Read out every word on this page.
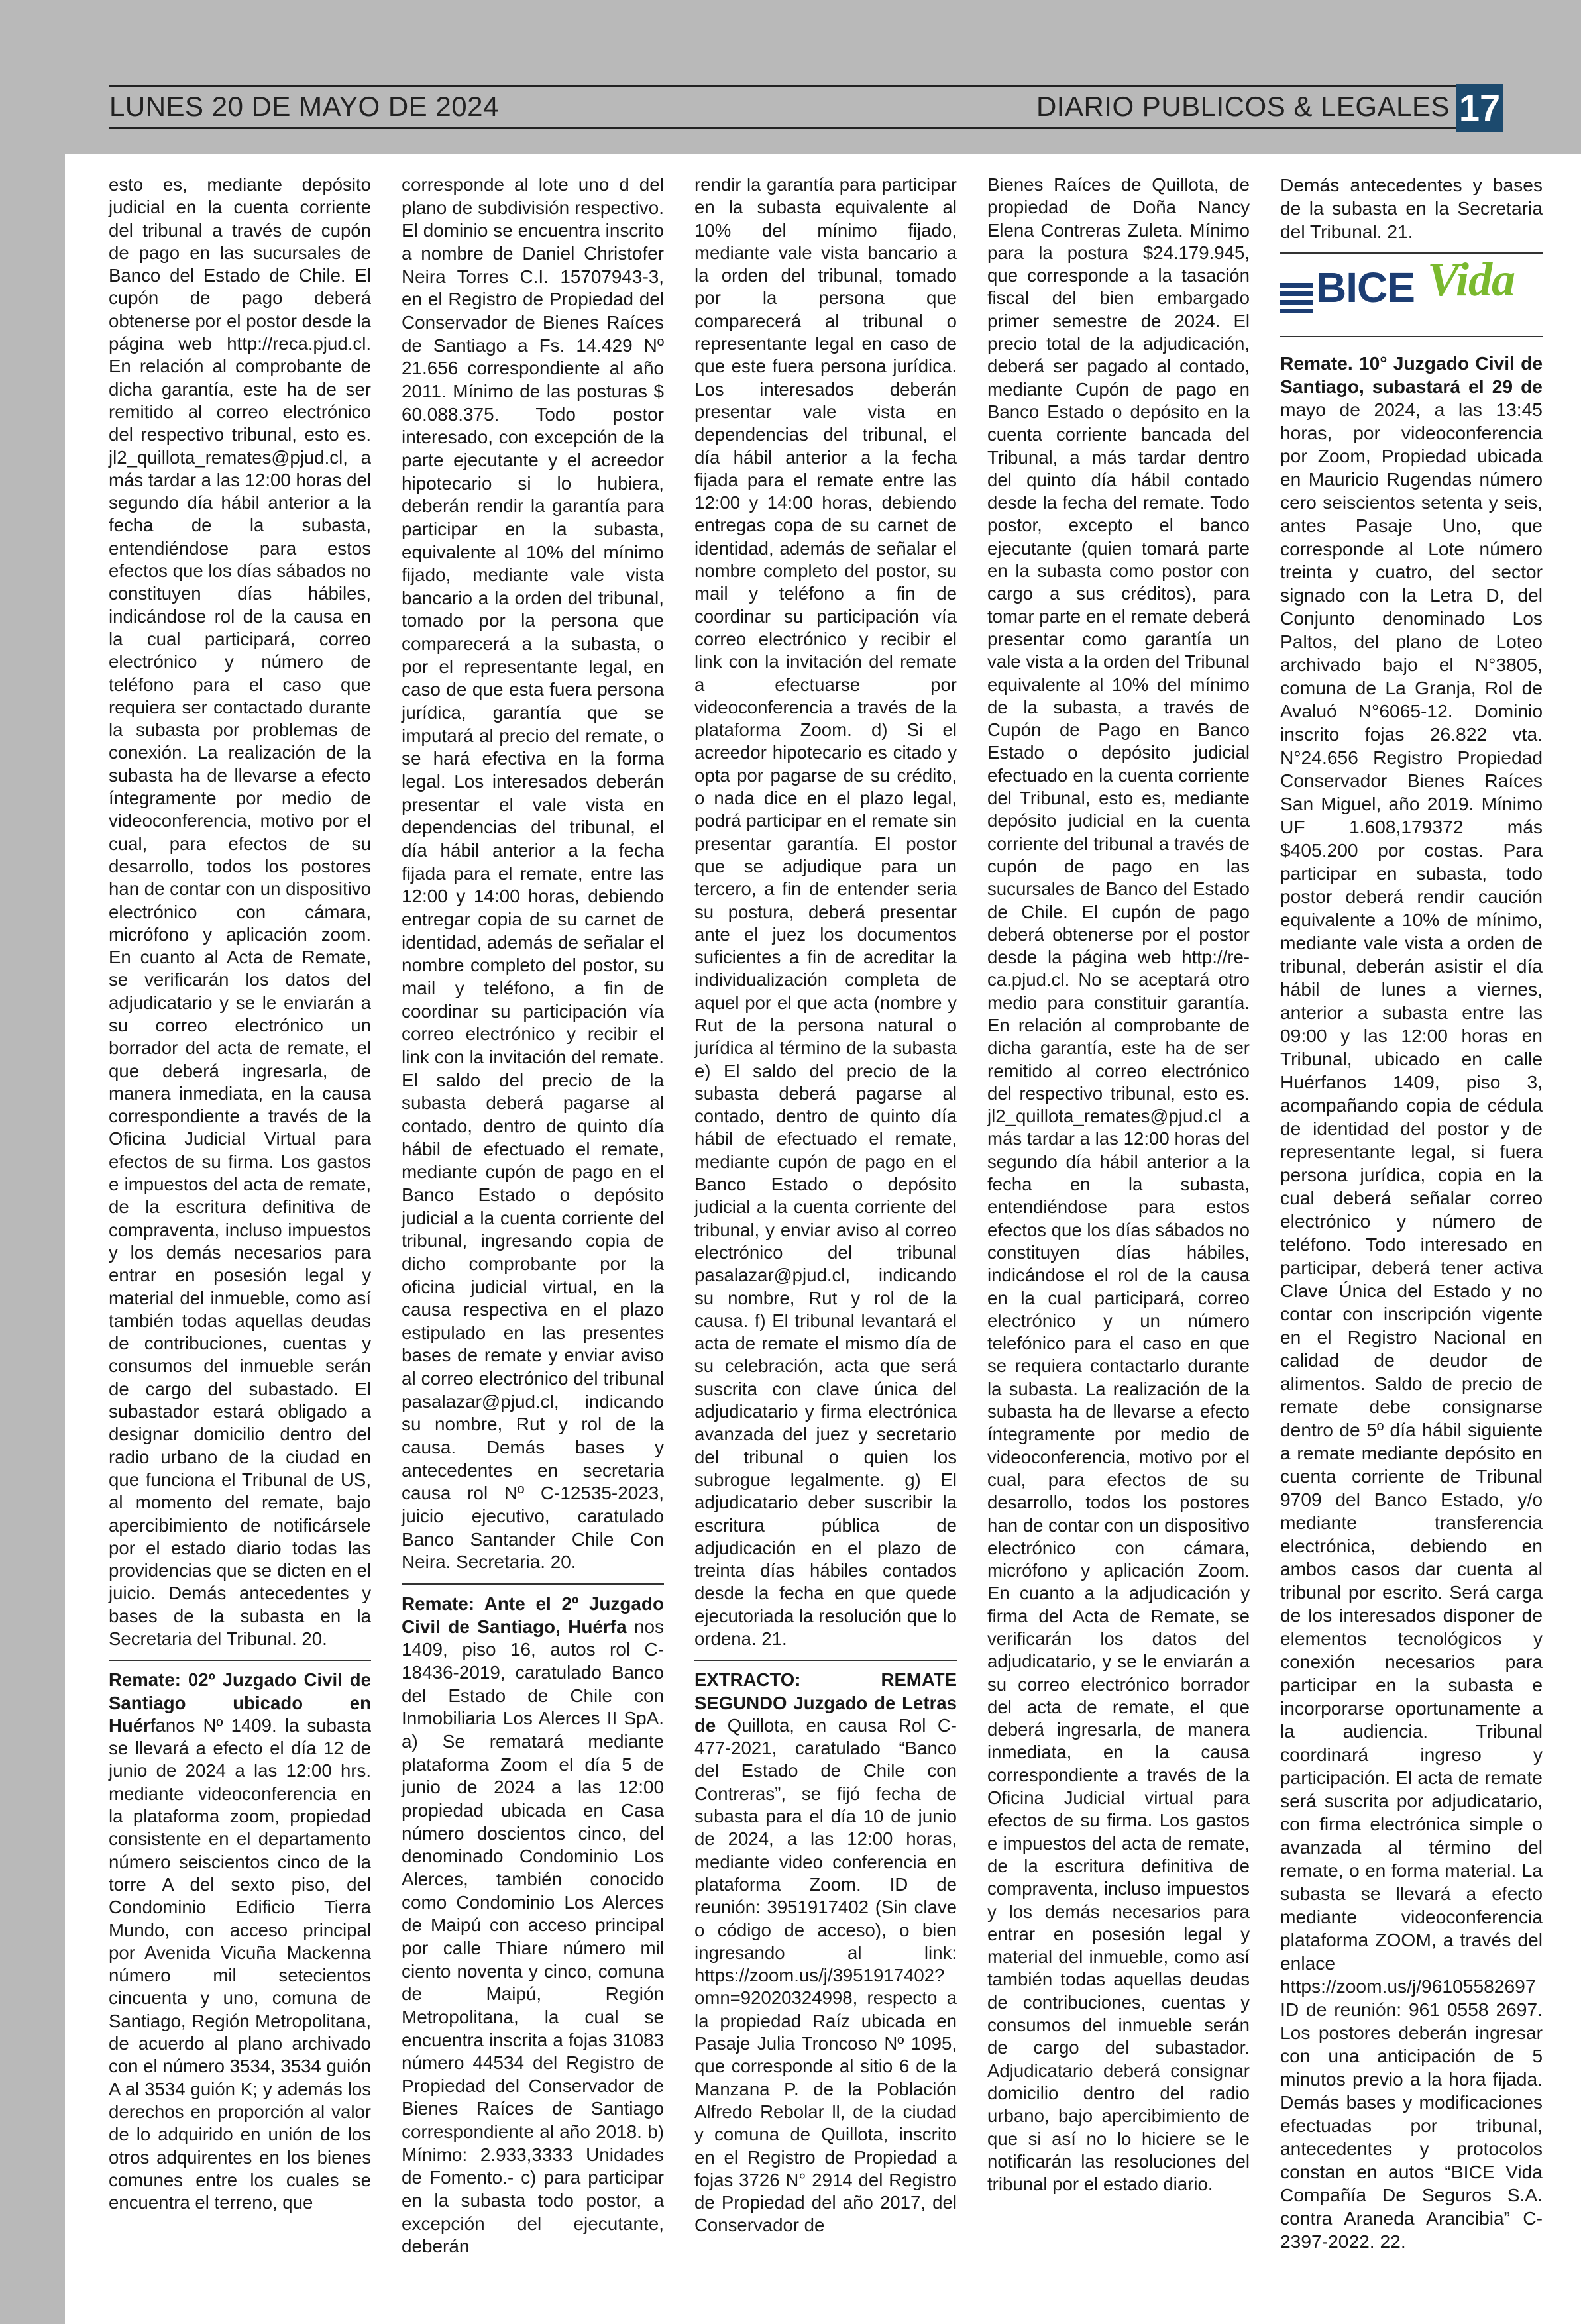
LUNES 20 DE MAYO DE 2024	DIARIO PUBLICOS & LEGALES 17

esto es, mediante depósito judicial en la cuenta corriente del tribunal a través de cupón de pago en las sucursales de Banco del Estado de Chile. El cupón de pago deberá obtenerse por el postor desde la página web http://reca.pjud.cl. En relación al comprobante de dicha garantía, este ha de ser remitido al correo electrónico del respectivo tribunal, esto es. jl2_quillota_remates@pjud.cl, a más tardar a las 12:00 horas del segundo día hábil anterior a la fecha de la subasta, entendiéndose para estos efectos que los días sábados no constituyen días hábiles, indicándose rol de la causa en la cual participará, correo electrónico y número de teléfono para el caso que requiera ser contactado durante la subasta por problemas de conexión. La realización de la subasta ha de llevarse a efecto íntegramente por medio de videoconferencia, motivo por el cual, para efectos de su desarrollo, todos los postores han de contar con un dispositivo electrónico con cámara, micrófono y aplicación zoom. En cuanto al Acta de Remate, se verificarán los datos del adjudicatario y se le enviarán a su correo electrónico un borrador del acta de remate, el que deberá ingresarla, de manera inmediata, en la causa correspondiente a través de la Oficina Judicial Virtual para efectos de su firma. Los gastos e impuestos del acta de remate, de la escritura definitiva de compraventa, incluso impuestos y los demás necesarios para entrar en posesión legal y material del inmueble, como así también todas aquellas deudas de contribuciones, cuentas y consumos del inmueble serán de cargo del subastado. El subastador estará obligado a designar domicilio dentro del radio urbano de la ciudad en que funciona el Tribunal de US, al momento del remate, bajo apercibimiento de notificársele por el estado diario todas las providencias que se dicten en el juicio. Demás antecedentes y bases de la subasta en la Secretaria del Tribunal. 20.

Remate: 02º Juzgado Civil de Santiago ubicado en Huérfanos Nº 1409. la subasta se llevará a efecto el día 12 de junio de 2024 a las 12:00 hrs. mediante videoconferencia en la plataforma zoom, propiedad consistente en el departamento número seiscientos cinco de la torre A del sexto piso, del Condominio Edificio Tierra Mundo, con acceso principal por Avenida Vicuña Mackenna número mil setecientos cincuenta y uno, comuna de Santiago, Región Metropolitana, de acuerdo al plano archivado con el número 3534, 3534 guión A al 3534 guión K; y además los derechos en proporción al valor de lo adquirido en unión de los otros adquirentes en los bienes comunes entre los cuales se encuentra el terreno, que

corresponde al lote uno d del plano de subdivisión respectivo. El dominio se encuentra inscrito a nombre de Daniel Christofer Neira Torres C.I. 15707943-3, en el Registro de Propiedad del Conservador de Bienes Raíces de Santiago a Fs. 14.429 Nº 21.656 correspondiente al año 2011. Mínimo de las posturas $ 60.088.375. Todo postor interesado, con excepción de la parte ejecutante y el acreedor hipotecario si lo hubiera, deberán rendir la garantía para participar en la subasta, equivalente al 10% del mínimo fijado, mediante vale vista bancario a la orden del tribunal, tomado por la persona que comparecerá a la subasta, o por el representante legal, en caso de que esta fuera persona jurídica, garantía que se imputará al precio del remate, o se hará efectiva en la forma legal. Los interesados deberán presentar el vale vista en dependencias del tribunal, el día hábil anterior a la fecha fijada para el remate, entre las 12:00 y 14:00 horas, debiendo entregar copia de su carnet de identidad, además de señalar el nombre completo del postor, su mail y teléfono, a fin de coordinar su participación vía correo electrónico y recibir el link con la invitación del remate. El saldo del precio de la subasta deberá pagarse al contado, dentro de quinto día hábil de efectuado el remate, mediante cupón de pago en el Banco Estado o depósito judicial a la cuenta corriente del tribunal, ingresando copia de dicho comprobante por la oficina judicial virtual, en la causa respectiva en el plazo estipulado en las presentes bases de remate y enviar aviso al correo electrónico del tribunal pasalazar@pjud.cl, indicando su nombre, Rut y rol de la causa. Demás bases y antecedentes en secretaria causa rol Nº C-12535-2023, juicio ejecutivo, caratulado Banco Santander Chile Con Neira. Secretaria. 20.

Remate: Ante el 2º Juzgado Civil de Santiago, Huérfa nos 1409, piso 16, autos rol C-18436-2019, caratulado Banco del Estado de Chile con Inmobiliaria Los Alerces II SpA. a) Se rematará mediante plataforma Zoom el día 5 de junio de 2024 a las 12:00 propiedad ubicada en Casa número doscientos cinco, del denominado Condominio Los Alerces, también conocido como Condominio Los Alerces de Maipú con acceso principal por calle Thiare número mil ciento noventa y cinco, comuna de Maipú, Región Metropolitana, la cual se encuentra inscrita a fojas 31083 número 44534 del Registro de Propiedad del Conservador de Bienes Raíces de Santiago correspondiente al año 2018. b) Mínimo: 2.933,3333 Unidades de Fomento.- c) para participar en la subasta todo postor, a excepción del ejecutante, deberán

rendir la garantía para participar en la subasta equivalente al 10% del mínimo fijado, mediante vale vista bancario a la orden del tribunal, tomado por la persona que comparecerá al tribunal o representante legal en caso de que este fuera persona jurídica. Los interesados deberán presentar vale vista en dependencias del tribunal, el día hábil anterior a la fecha fijada para el remate entre las 12:00 y 14:00 horas, debiendo entregas copa de su carnet de identidad, además de señalar el nombre completo del postor, su mail y teléfono a fin de coordinar su participación vía correo electrónico y recibir el link con la invitación del remate a efectuarse por videoconferencia a través de la plataforma Zoom. d) Si el acreedor hipotecario es citado y opta por pagarse de su crédito, o nada dice en el plazo legal, podrá participar en el remate sin presentar garantía. El postor que se adjudique para un tercero, a fin de entender seria su postura, deberá presentar ante el juez los documentos suficientes a fin de acreditar la individualización completa de aquel por el que acta (nombre y Rut de la persona natural o jurídica al término de la subasta e) El saldo del precio de la subasta deberá pagarse al contado, dentro de quinto día hábil de efectuado el remate, mediante cupón de pago en el Banco Estado o depósito judicial a la cuenta corriente del tribunal, y enviar aviso al correo electrónico del tribunal pasalazar@pjud.cl, indicando su nombre, Rut y rol de la causa. f) El tribunal levantará el acta de remate el mismo día de su celebración, acta que será suscrita con clave única del adjudicatario y firma electrónica avanzada del juez y secretario del tribunal o quien los subrogue legalmente. g) El adjudicatario deber suscribir la escritura pública de adjudicación en el plazo de treinta días hábiles contados desde la fecha en que quede ejecutoriada la resolución que lo ordena. 21.

EXTRACTO: REMATE SEGUNDO Juzgado de Letras de Quillota, en causa Rol C-477-2021, caratulado “Banco del Estado de Chile con Contreras”, se fijó fecha de subasta para el día 10 de junio de 2024, a las 12:00 horas, mediante video conferencia en plataforma Zoom. ID de reunión: 3951917402 (Sin clave o código de acceso), o bien ingresando al link: https://zoom.us/j/3951917402?omn=92020324998, respecto a la propiedad Raíz ubicada en Pasaje Julia Troncoso Nº 1095, que corresponde al sitio 6 de la Manzana P. de la Población Alfredo Rebolar ll, de la ciudad y comuna de Quillota, inscrito en el Registro de Propiedad a fojas 3726 N° 2914 del Registro de Propiedad del año 2017, del Conservador de

Bienes Raíces de Quillota, de propiedad de Doña Nancy Elena Contreras Zuleta. Mínimo para la postura $24.179.945, que corresponde a la tasación fiscal del bien embargado primer semestre de 2024. El precio total de la adjudicación, deberá ser pagado al contado, mediante Cupón de pago en Banco Estado o depósito en la cuenta corriente bancada del Tribunal, a más tardar dentro del quinto día hábil contado desde la fecha del remate. Todo postor, excepto el banco ejecutante (quien tomará parte en la subasta como postor con cargo a sus créditos), para tomar parte en el remate deberá presentar como garantía un vale vista a la orden del Tribunal equivalente al 10% del mínimo de la subasta, a través de Cupón de Pago en Banco Estado o depósito judicial efectuado en la cuenta corriente del Tribunal, esto es, mediante depósito judicial en la cuenta corriente del tribunal a través de cupón de pago en las sucursales de Banco del Estado de Chile. El cupón de pago deberá obtenerse por el postor desde la página web http://re-ca.pjud.cl. No se aceptará otro medio para constituir garantía. En relación al comprobante de dicha garantía, este ha de ser remitido al correo electrónico del respectivo tribunal, esto es. jl2_quillota_remates@pjud.cl a más tardar a las 12:00 horas del segundo día hábil anterior a la fecha en la subasta, entendiéndose para estos efectos que los días sábados no constituyen días hábiles, indicándose el rol de la causa en la cual participará, correo electrónico y un número telefónico para el caso en que se requiera contactarlo durante la subasta. La realización de la subasta ha de llevarse a efecto íntegramente por medio de videoconferencia, motivo por el cual, para efectos de su desarrollo, todos los postores han de contar con un dispositivo electrónico con cámara, micrófono y aplicación Zoom. En cuanto a la adjudicación y firma del Acta de Remate, se verificarán los datos del adjudicatario, y se le enviarán a su correo electrónico borrador del acta de remate, el que deberá ingresarla, de manera inmediata, en la causa correspondiente a través de la Oficina Judicial virtual para efectos de su firma. Los gastos e impuestos del acta de remate, de la escritura definitiva de compraventa, incluso impuestos y los demás necesarios para entrar en posesión legal y material del inmueble, como así también todas aquellas deudas de contribuciones, cuentas y consumos del inmueble serán de cargo del subastador. Adjudicatario deberá consignar domicilio dentro del radio urbano, bajo apercibimiento de que si así no lo hiciere se le notificarán las resoluciones del tribunal por el estado diario.

Demás antecedentes y bases de la subasta en la Secretaria del Tribunal. 21.

BICE Vida

Remate. 10° Juzgado Civil de Santiago, subastará el 29 de mayo de 2024, a las 13:45 horas, por videoconferencia por Zoom, Propiedad ubicada en Mauricio Rugendas número cero seiscientos setenta y seis, antes Pasaje Uno, que corresponde al Lote número treinta y cuatro, del sector signado con la Letra D, del Conjunto denominado Los Paltos, del plano de Loteo archivado bajo el N°3805, comuna de La Granja, Rol de Avaluó N°6065-12. Dominio inscrito fojas 26.822 vta. N°24.656 Registro Propiedad Conservador Bienes Raíces San Miguel, año 2019. Mínimo UF 1.608,179372 más $405.200 por costas. Para participar en subasta, todo postor deberá rendir caución equivalente a 10% de mínimo, mediante vale vista a orden de tribunal, deberán asistir el día hábil de lunes a viernes, anterior a subasta entre las 09:00 y las 12:00 horas en Tribunal, ubicado en calle Huérfanos 1409, piso 3, acompañando copia de cédula de identidad del postor y de representante legal, si fuera persona jurídica, copia en la cual deberá señalar correo electrónico y número de teléfono. Todo interesado en participar, deberá tener activa Clave Única del Estado y no contar con inscripción vigente en el Registro Nacional en calidad de deudor de alimentos. Saldo de precio de remate debe consignarse dentro de 5º día hábil siguiente a remate mediante depósito en cuenta corriente de Tribunal 9709 del Banco Estado, y/o mediante transferencia electrónica, debiendo en ambos casos dar cuenta al tribunal por escrito. Será carga de los interesados disponer de elementos tecnológicos y conexión necesarios para participar en la subasta e incorporarse oportunamente a la audiencia. Tribunal coordinará ingreso y participación. El acta de remate será suscrita por adjudicatario, con firma electrónica simple o avanzada al término del remate, o en forma material. La subasta se llevará a efecto mediante videoconferencia plataforma ZOOM, a través del enlace https://zoom.us/j/96105582697 ID de reunión: 961 0558 2697. Los postores deberán ingresar con una anticipación de 5 minutos previo a la hora fijada. Demás bases y modificaciones efectuadas por tribunal, antecedentes y protocolos constan en autos “BICE Vida Compañía De Seguros S.A. contra Araneda Arancibia” C-2397-2022. 22.
